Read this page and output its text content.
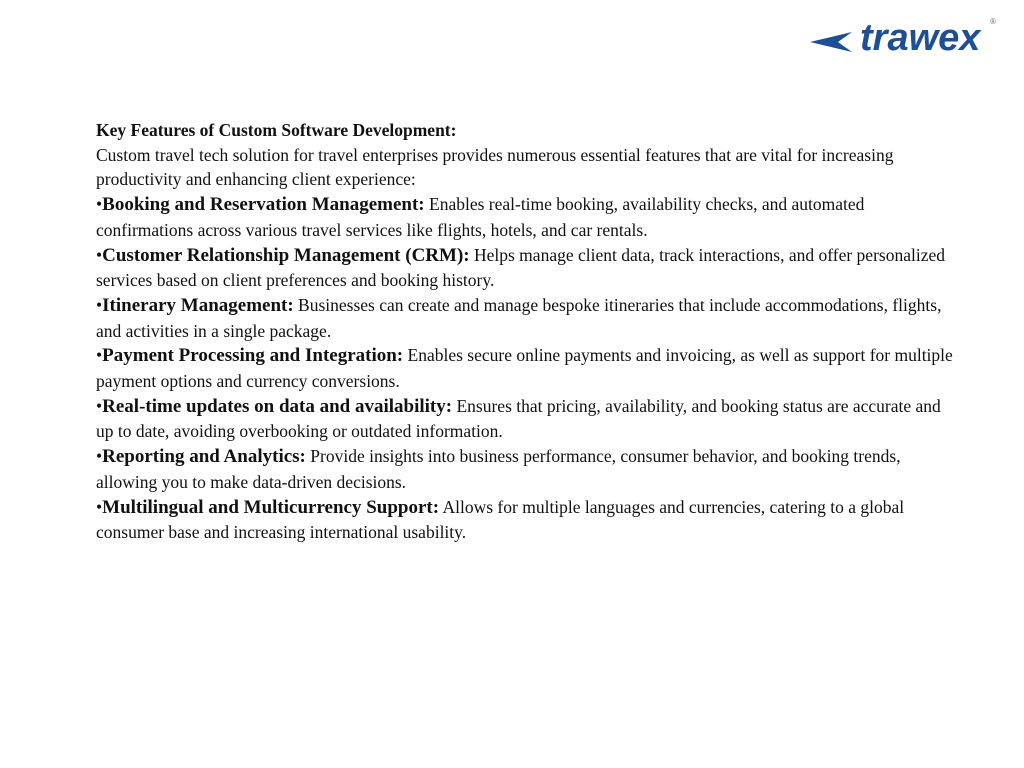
trawex ®

Key Features of Custom Software Development:

Custom travel tech solution for travel enterprises provides numerous essential features that are vital for increasing productivity and enhancing client experience:

•Booking and Reservation Management: Enables real-time booking, availability checks, and automated confirmations across various travel services like flights, hotels, and car rentals.

•Customer Relationship Management (CRM): Helps manage client data, track interactions, and offer personalized services based on client preferences and booking history.

•Itinerary Management: Businesses can create and manage bespoke itineraries that include accommodations, flights, and activities in a single package.

•Payment Processing and Integration: Enables secure online payments and invoicing, as well as support for multiple payment options and currency conversions.

•Real-time updates on data and availability: Ensures that pricing, availability, and booking status are accurate and up to date, avoiding overbooking or outdated information.

•Reporting and Analytics: Provide insights into business performance, consumer behavior, and booking trends, allowing you to make data-driven decisions.

•Multilingual and Multicurrency Support: Allows for multiple languages and currencies, catering to a global consumer base and increasing international usability.
